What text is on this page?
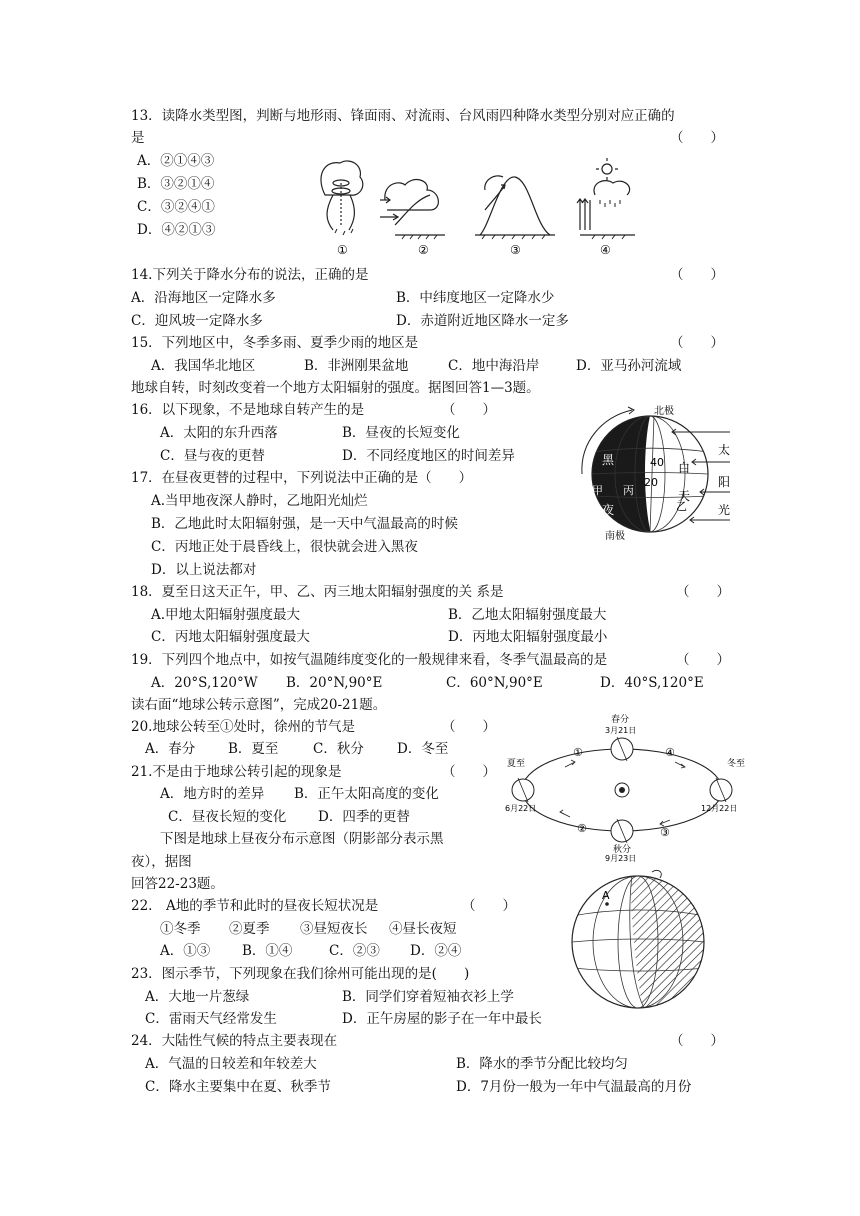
13．读降水类型图，判断与地形雨、锋面雨、对流雨、台风雨四种降水类型分别对应正确的
是	（　　）
A．②①④③
B．③②①④
C．③②④①
D．④②①③
①	②	③	④
14.下列关于降水分布的说法，正确的是	（　　）
A．沿海地区一定降水多	B．中纬度地区一定降水少
C．迎风坡一定降水多	D．赤道附近地区降水一定多
15．下列地区中，冬季多雨、夏季少雨的地区是	（　　）
A．我国华北地区	B．非洲刚果盆地	C．地中海沿岸	D．亚马孙河流域
地球自转，时刻改变着一个地方太阳辐射的强度。据图回答1—3题。
16．以下现象，不是地球自转产生的是	（　　）
A．太阳的东升西落	B．昼夜的长短变化
C．昼与夜的更替	D．不同经度地区的时间差异
北极
南极
黑
夜
甲 丙
乙
白
天
40
20
太
阳
光
17．在昼夜更替的过程中，下列说法中正确的是（　　）
A.当甲地夜深人静时，乙地阳光灿烂
B．乙地此时太阳辐射强，是一天中气温最高的时候
C．丙地正处于晨昏线上，很快就会进入黑夜
D．以上说法都对
18．夏至日这天正午，甲、乙、丙三地太阳辐射强度的关 系是	（　　）
A.甲地太阳辐射强度最大	B．乙地太阳辐射强度最大
C．丙地太阳辐射强度最大	D．丙地太阳辐射强度最小
19．下列四个地点中，如按气温随纬度变化的一般规律来看，冬季气温最高的是	（　　）
A．20°S,120°W B．20°N,90°E	C．60°N,90°E	D．40°S,120°E
读右面“地球公转示意图”，完成20-21题。
20.地球公转至①处时，徐州的节气是	（　　）
A．春分 B．夏至	C．秋分 D．冬至
21.不是由于地球公转引起的现象是	（　　）
A．地方时的差异 B．正午太阳高度的变化
C．昼夜长短的变化 D．四季的更替
春分
3月21日
夏至
6月22日
冬至
12月22日
秋分
9月23日
①	④
②	③
下图是地球上昼夜分布示意图（阴影部分表示黑
夜），据图
回答22-23题。
22.　A地的季节和此时的昼夜长短状况是	（　　）
①冬季 ②夏季 ③昼短夜长 ④昼长夜短
A．①③ B．①④	C．②③ D．②④
A
23．图示季节，下列现象在我们徐州可能出现的是(　　)
A．大地一片葱绿	B．同学们穿着短袖衣衫上学
C．雷雨天气经常发生	D．正午房屋的影子在一年中最长
24．大陆性气候的特点主要表现在	（　　）
A．气温的日较差和年较差大	B．降水的季节分配比较均匀
C．降水主要集中在夏、秋季节	D．7月份一般为一年中气温最高的月份
